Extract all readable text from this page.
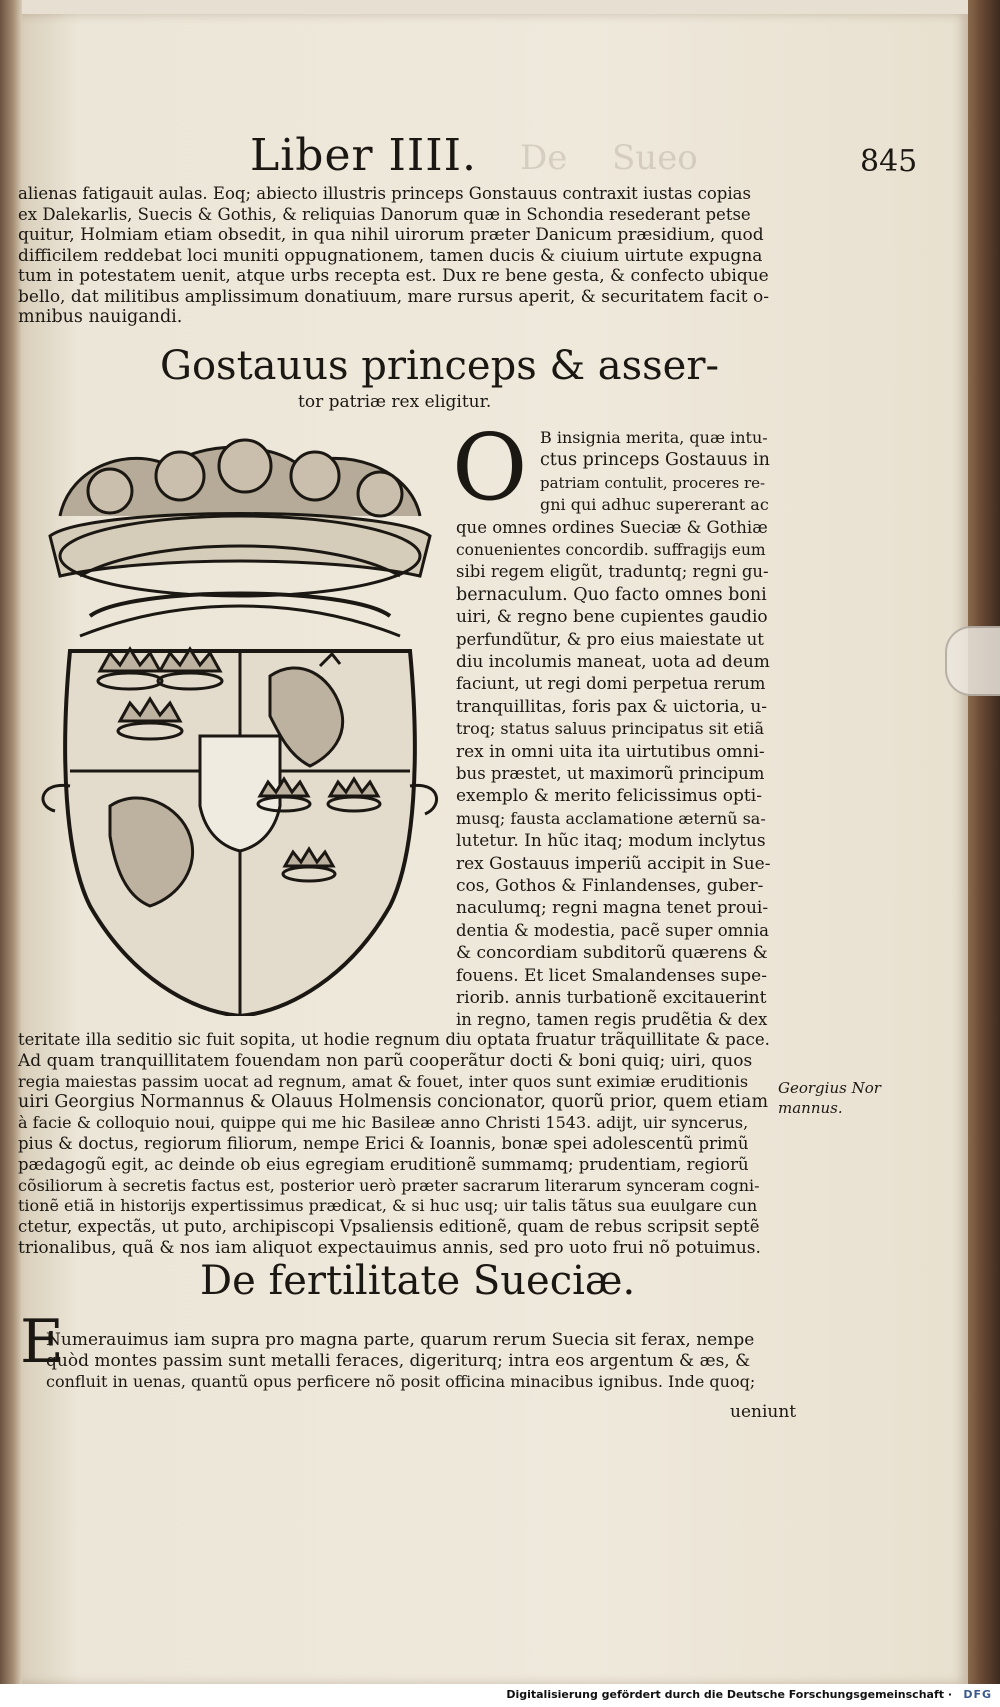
De Sueo
Liber IIII.	845
alienas fatigauit aulas. Eoq; abiecto illustris princeps Gonstauus contraxit iustas copias
ex Dalekarlis, Suecis & Gothis, & reliquias Danorum quæ in Schondia resederant petse
quitur, Holmiam etiam obsedit, in qua nihil uirorum præter Danicum præsidium, quod
difficilem reddebat loci muniti oppugnationem, tamen ducis & ciuium uirtute expugna
tum in potestatem uenit, atque urbs recepta est. Dux re bene gesta, & confecto ubique
bello, dat militibus amplissimum donatiuum, mare rursus aperit, & securitatem facit o-
mnibus nauigandi.
Gostauus princeps & asser-
tor patriæ rex eligitur.
O B insignia merita, quæ intu-
ctus princeps Gostauus in
patriam contulit, proceres re-
gni qui adhuc supererant ac
que omnes ordines Sueciæ & Gothiæ
conuenientes concordib. suffragijs eum
sibi regem eligũt, traduntq; regni gu-
bernaculum. Quo facto omnes boni
uiri, & regno bene cupientes gaudio
perfundũtur, & pro eius maiestate ut
diu incolumis maneat, uota ad deum
faciunt, ut regi domi perpetua rerum
tranquillitas, foris pax & uictoria, u-
troq; status saluus principatus sit etiã
rex in omni uita ita uirtutibus omni-
bus præstet, ut maximorũ principum
exemplo & merito felicissimus opti-
musq; fausta acclamatione æternũ sa-
lutetur. In hũc itaq; modum inclytus
rex Gostauus imperiũ accipit in Sue-
cos, Gothos & Finlandenses, guber-
naculumq; regni magna tenet proui-
dentia & modestia, pacẽ super omnia
& concordiam subditorũ quærens &
fouens. Et licet Smalandenses supe-
riorib. annis turbationẽ excitauerint
in regno, tamen regis prudẽtia & dex
teritate illa seditio sic fuit sopita, ut hodie regnum diu optata fruatur trãquillitate & pace.
Ad quam tranquillitatem fouendam non parũ cooperãtur docti & boni quiq; uiri, quos
regia maiestas passim uocat ad regnum, amat & fouet, inter quos sunt eximiæ eruditionis
uiri Georgius Normannus & Olauus Holmensis concionator, quorũ prior, quem etiam
à facie & colloquio noui, quippe qui me hic Basileæ anno Christi 1543. adijt, uir syncerus,
pius & doctus, regiorum filiorum, nempe Erici & Ioannis, bonæ spei adolescentũ primũ
pædagogũ egit, ac deinde ob eius egregiam eruditionẽ summamq; prudentiam, regiorũ
cõsiliorum à secretis factus est, posterior uerò præter sacrarum literarum synceram cogni-
tionẽ etiã in historijs expertissimus prædicat, & si huc usq; uir talis tãtus sua euulgare cun
ctetur, expectãs, ut puto, archipiscopi Vpsaliensis editionẽ, quam de rebus scripsit septẽ
trionalibus, quã & nos iam aliquot expectauimus annis, sed pro uoto frui nõ potuimus.
Georgius Nor
mannus.
De fertilitate Sueciæ.
E
Numerauimus iam supra pro magna parte, quarum rerum Suecia sit ferax, nempe
quòd montes passim sunt metalli feraces, digeriturq; intra eos argentum & æs, &
confluit in uenas, quantũ opus perficere nõ posit officina minacibus ignibus. Inde quoq;
ueniunt
Digitalisierung gefördert durch die Deutsche Forschungsgemeinschaft · DFG
